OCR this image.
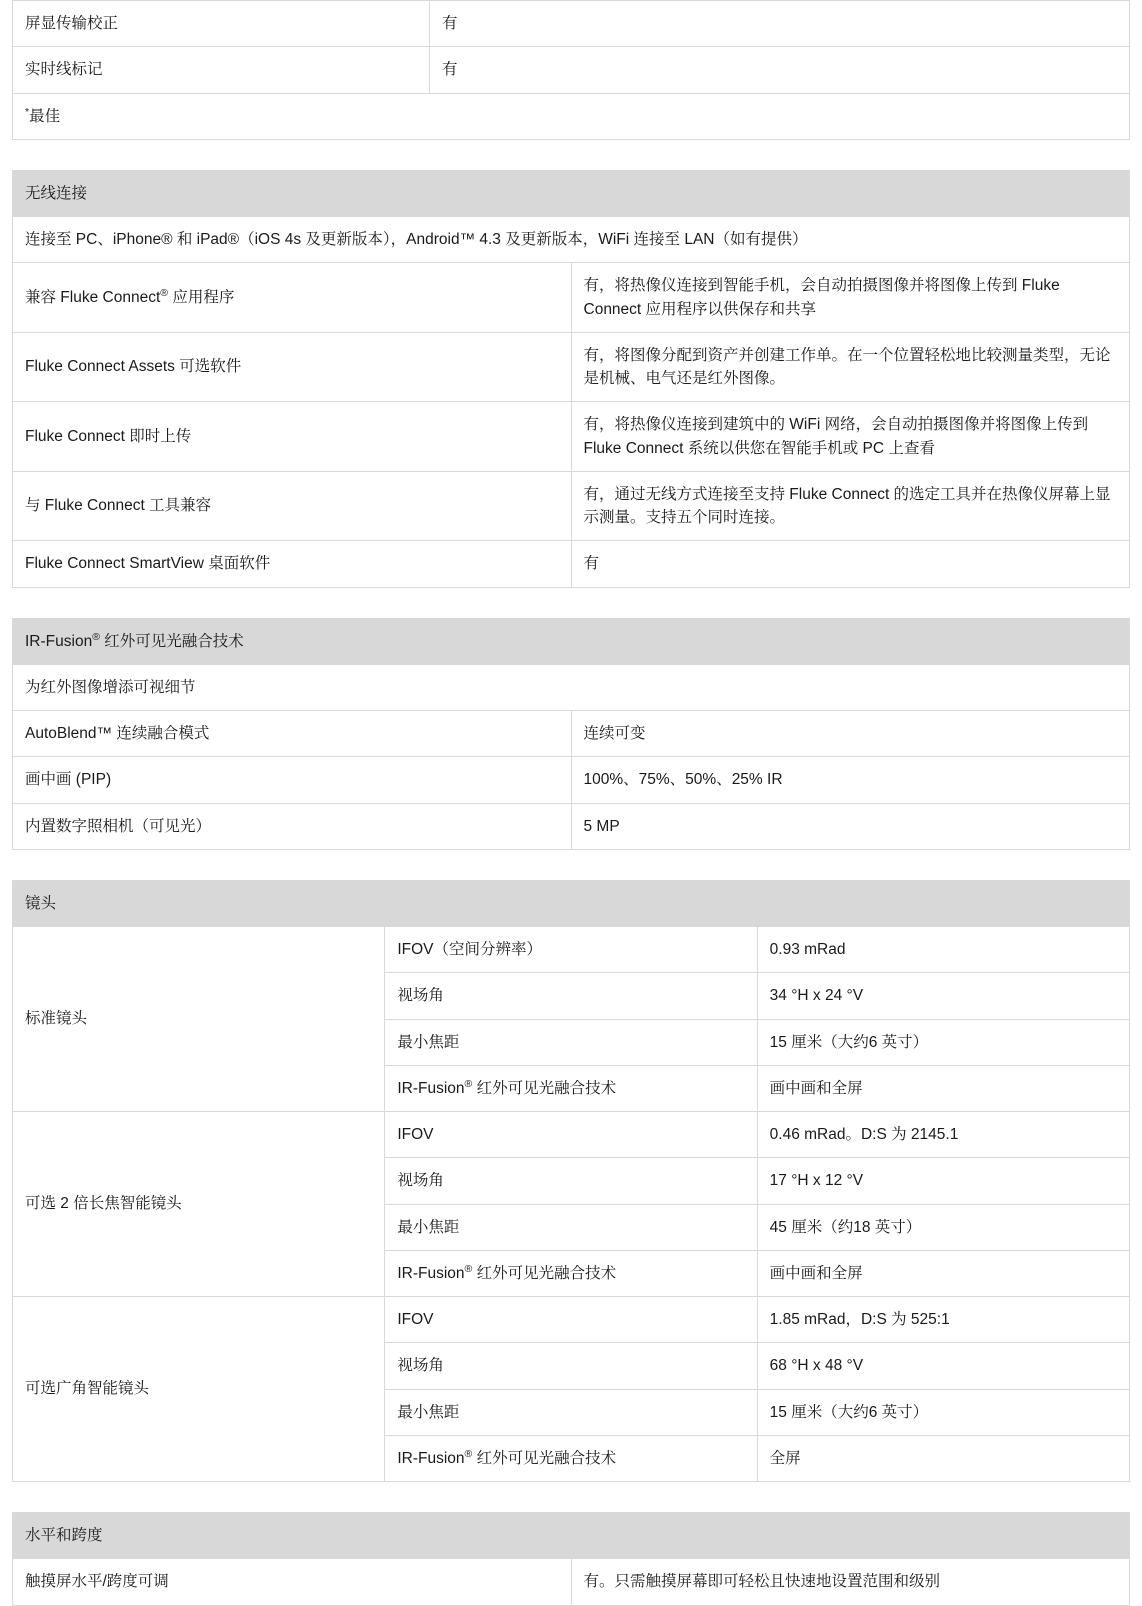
屏显传输校正	有
实时线标记	有
*最佳	
无线连接	
连接至 PC、iPhone® 和 iPad®（iOS 4s 及更新版本），Android™ 4.3 及更新版本，WiFi 连接至 LAN（如有提供）	
兼容 Fluke Connect® 应用程序	有，将热像仪连接到智能手机，会自动拍摄图像并将图像上传到 Fluke Connect 应用程序以供保存和共享
Fluke Connect Assets 可选软件	有，将图像分配到资产并创建工作单。在一个位置轻松地比较测量类型，无论是机械、电气还是红外图像。
Fluke Connect 即时上传	有，将热像仪连接到建筑中的 WiFi 网络，会自动拍摄图像并将图像上传到 Fluke Connect 系统以供您在智能手机或 PC 上查看
与 Fluke Connect 工具兼容	有，通过无线方式连接至支持 Fluke Connect 的选定工具并在热像仪屏幕上显示测量。支持五个同时连接。
Fluke Connect SmartView 桌面软件	有
IR-Fusion® 红外可见光融合技术	
为红外图像增添可视细节	
AutoBlend™ 连续融合模式	连续可变
画中画 (PIP)	100%、75%、50%、25% IR
内置数字照相机（可见光）	5 MP
镜头		
标准镜头	IFOV（空间分辨率）	0.93 mRad
	视场角	34 °H x 24 °V
	最小焦距	15 厘米（大约6 英寸）
	IR-Fusion® 红外可见光融合技术	画中画和全屏
可选 2 倍长焦智能镜头	IFOV	0.46 mRad。D:S 为 2145.1
	视场角	17 °H x 12 °V
	最小焦距	45 厘米（约18 英寸）
	IR-Fusion® 红外可见光融合技术	画中画和全屏
可选广角智能镜头	IFOV	1.85 mRad，D:S 为 525:1
	视场角	68 °H x 48 °V
	最小焦距	15 厘米（大约6 英寸）
	IR-Fusion® 红外可见光融合技术	全屏
水平和跨度
触摸屏水平/跨度可调	有。只需触摸屏幕即可轻松且快速地设置范围和级别
